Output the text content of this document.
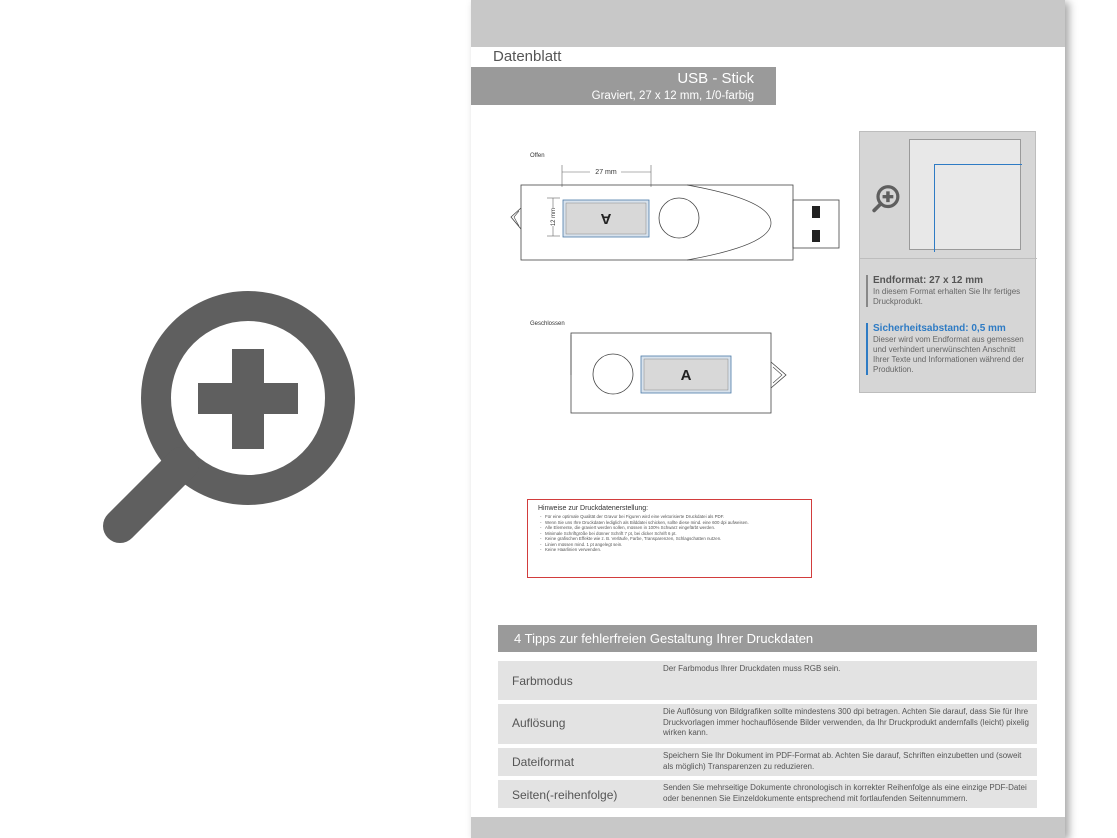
Datenblatt
USB - Stick
Graviert, 27 x 12 mm, 1/0-farbig
Offen
27 mm
12 mm	A
Geschlossen
A
Endformat: 27 x 12 mm
In diesem Format erhalten Sie Ihr fertiges Druckprodukt.
Sicherheitsabstand: 0,5 mm
Dieser wird vom Endformat aus gemessen und verhindert unerwünschten Anschnitt Ihrer Texte und Informationen während der Produktion.
Hinweise zur Druckdatenerstellung:
- Für eine optimale Qualität der Gravur bei Figuren wird eine vektorisierte Druckdatei als PDF.
- Wenn Sie uns Ihre Druckdaten lediglich als Bilddatei schicken, sollte diese mind. eine 600 dpi aufweisen.
- Alle Elemente, die graviert werden sollen, müssen in 100% Schwarz eingefärbt werden.
- Minimale Schriftgröße bei dünner Schrift 7 pt, bei dicker Schrift 6 pt.
- Keine grafischen Effekte wie z. B. Verläufe, Farbe, Transparenzen, Schlagschatten nutzen.
- Linien müssen mind. 1 pt angelegt sein.
- Keine Haarlinien verwenden.
4 Tipps zur fehlerfreien Gestaltung Ihrer Druckdaten
Farbmodus
Der Farbmodus Ihrer Druckdaten muss RGB sein.
Auflösung
Die Auflösung von Bildgrafiken sollte mindestens 300 dpi betragen. Achten Sie darauf, dass Sie für Ihre Druckvorlagen immer hochauflösende Bilder verwenden, da Ihr Druckprodukt andernfalls (leicht) pixelig wirken kann.
Dateiformat	Speichern Sie Ihr Dokument im PDF-Format ab. Achten Sie darauf, Schriften einzubetten und (soweit als möglich) Transparenzen zu reduzieren.
Seiten(-reihenfolge)
Senden Sie mehrseitige Dokumente chronologisch in korrekter Reihenfolge als eine einzige PDF-Datei oder benennen Sie Einzeldokumente entsprechend mit fortlaufenden Seitennummern.
